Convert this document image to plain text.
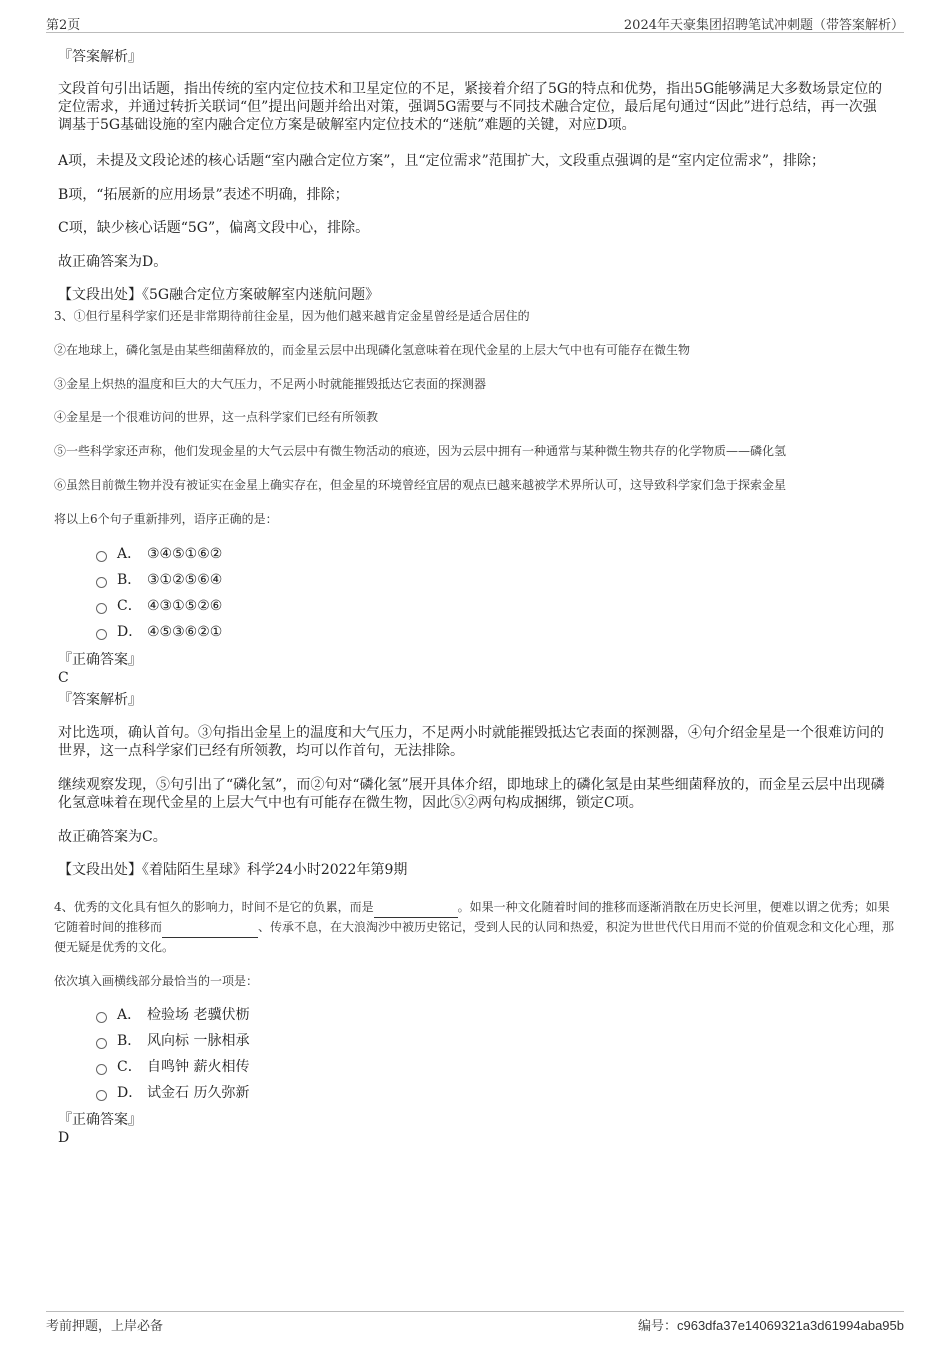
第2页	2024年天豪集团招聘笔试冲刺题（带答案解析）

『答案解析』

文段首句引出话题，指出传统的室内定位技术和卫星定位的不足，紧接着介绍了5G的特点和优势，指出5G能够满足大多数场景定位的定位需求，并通过转折关联词“但”提出问题并给出对策，强调5G需要与不同技术融合定位，最后尾句通过“因此”进行总结，再一次强调基于5G基础设施的室内融合定位方案是破解室内定位技术的“迷航”难题的关键，对应D项。

A项，未提及文段论述的核心话题“室内融合定位方案”，且“定位需求”范围扩大，文段重点强调的是“室内定位需求”，排除；

B项，“拓展新的应用场景”表述不明确，排除；

C项，缺少核心话题“5G”，偏离文段中心，排除。

故正确答案为D。

【文段出处】《5G融合定位方案破解室内迷航问题》

3、①但行星科学家们还是非常期待前往金星，因为他们越来越肯定金星曾经是适合居住的

②在地球上，磷化氢是由某些细菌释放的，而金星云层中出现磷化氢意味着在现代金星的上层大气中也有可能存在微生物

③金星上炽热的温度和巨大的大气压力，不足两小时就能摧毁抵达它表面的探测器

④金星是一个很难访问的世界，这一点科学家们已经有所领教

⑤一些科学家还声称，他们发现金星的大气云层中有微生物活动的痕迹，因为云层中拥有一种通常与某种微生物共存的化学物质——磷化氢

⑥虽然目前微生物并没有被证实在金星上确实存在，但金星的环境曾经宜居的观点已越来越被学术界所认可，这导致科学家们急于探索金星

将以上6个句子重新排列，语序正确的是：

A． ③④⑤①⑥②
B． ③①②⑤⑥④
C． ④③①⑤②⑥
D． ④⑤③⑥②①

『正确答案』

C

『答案解析』

对比选项，确认首句。③句指出金星上的温度和大气压力，不足两小时就能摧毁抵达它表面的探测器，④句介绍金星是一个很难访问的世界，这一点科学家们已经有所领教，均可以作首句，无法排除。

继续观察发现，⑤句引出了“磷化氢”，而②句对“磷化氢”展开具体介绍，即地球上的磷化氢是由某些细菌释放的，而金星云层中出现磷化氢意味着在现代金星的上层大气中也有可能存在微生物，因此⑤②两句构成捆绑，锁定C项。

故正确答案为C。

【文段出处】《着陆陌生星球》科学24小时2022年第9期

4、优秀的文化具有恒久的影响力，时间不是它的负累，而是	。如果一种文化随着时间的推移而逐渐消散在历史长河里，便难以谓之优秀；如果它随着时间的推移而	、传承不息，在大浪淘沙中被历史铭记，受到人民的认同和热爱，积淀为世世代代日用而不觉的价值观念和文化心理，那便无疑是优秀的文化。

依次填入画横线部分最恰当的一项是：

A． 检验场 老骥伏枥
B． 风向标 一脉相承
C． 自鸣钟 薪火相传
D． 试金石 历久弥新

『正确答案』

D

考前押题，上岸必备	编号：c963dfa37e14069321a3d61994aba95b
